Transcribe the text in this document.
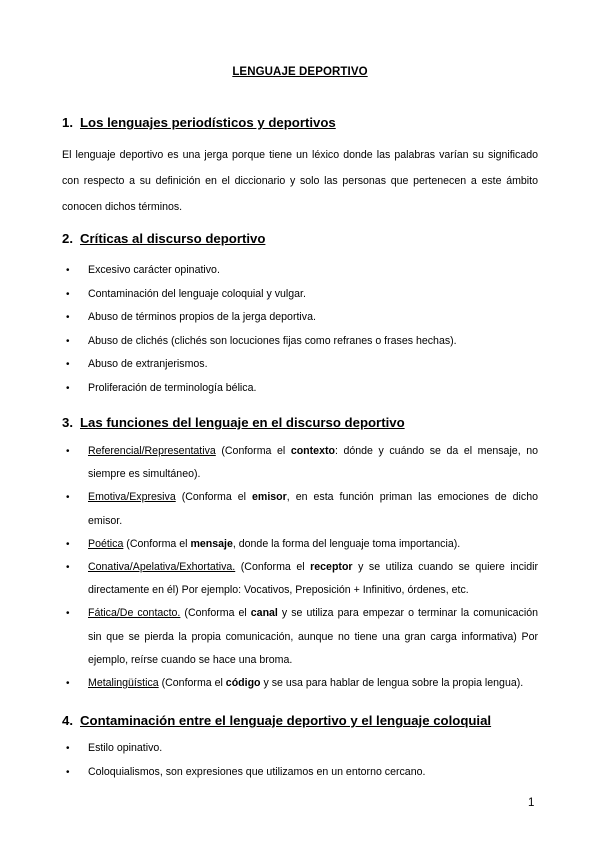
LENGUAJE DEPORTIVO
1. Los lenguajes periodísticos y deportivos

El lenguaje deportivo es una jerga porque tiene un léxico donde las palabras varían su significado con respecto a su definición en el diccionario y solo las personas que pertenecen a este ámbito conocen dichos términos.

2. Críticas al discurso deportivo
• Excesivo carácter opinativo.
• Contaminación del lenguaje coloquial y vulgar.
• Abuso de términos propios de la jerga deportiva.
• Abuso de clichés (clichés son locuciones fijas como refranes o frases hechas).
• Abuso de extranjerismos.
• Proliferación de terminología bélica.
3. Las funciones del lenguaje en el discurso deportivo
• Referencial/Representativa (Conforma el contexto: dónde y cuándo se da el mensaje, no siempre es simultáneo).
• Emotiva/Expresiva (Conforma el emisor, en esta función priman las emociones de dicho emisor.
• Poética (Conforma el mensaje, donde la forma del lenguaje toma importancia).
• Conativa/Apelativa/Exhortativa. (Conforma el receptor y se utiliza cuando se quiere incidir directamente en él) Por ejemplo: Vocativos, Preposición + Infinitivo, órdenes, etc.
• Fática/De contacto. (Conforma el canal y se utiliza para empezar o terminar la comunicación sin que se pierda la propia comunicación, aunque no tiene una gran carga informativa) Por ejemplo, reírse cuando se hace una broma.
• Metalingüística (Conforma el código y se usa para hablar de lengua sobre la propia lengua).
4. Contaminación entre el lenguaje deportivo y el lenguaje coloquial
• Estilo opinativo.
• Coloquialismos, son expresiones que utilizamos en un entorno cercano.
1
